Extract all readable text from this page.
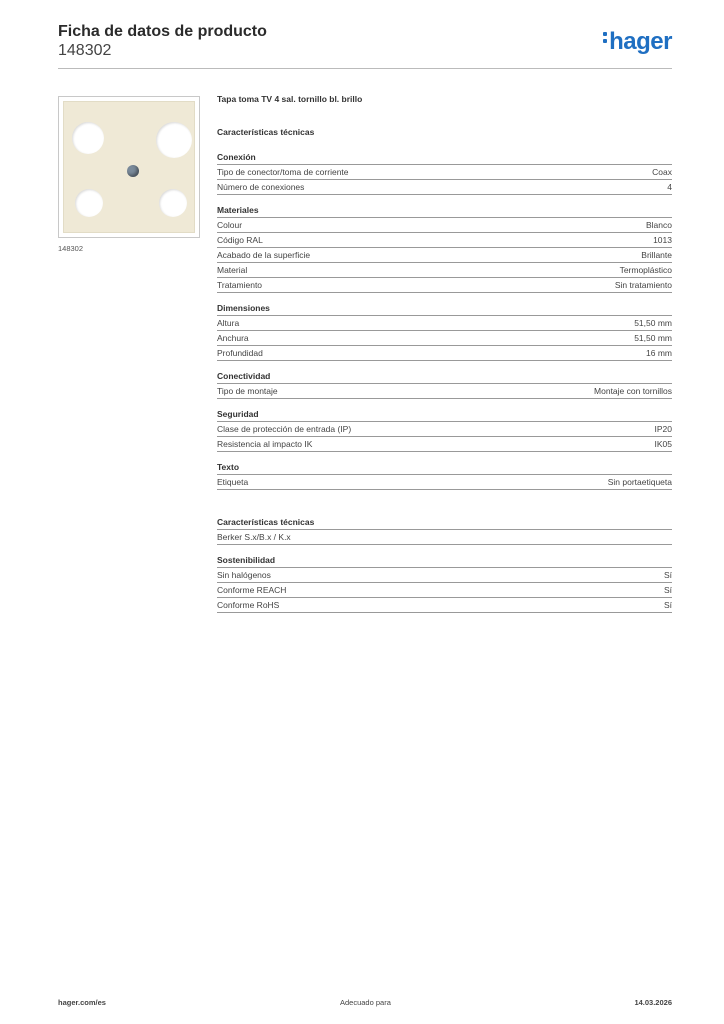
Ficha de datos de producto
148302	hager
148302
Tapa toma TV 4 sal. tornillo bl. brillo
Características técnicas
Conexión
Tipo de conector/toma de corriente	Coax
Número de conexiones	4
Materiales
Colour	Blanco
Código RAL	1013
Acabado de la superficie	Brillante
Material	Termoplástico
Tratamiento	Sin tratamiento
Dimensiones
Altura	51,50 mm
Anchura	51,50 mm
Profundidad	16 mm
Conectividad
Tipo de montaje	Montaje con tornillos
Seguridad
Clase de protección de entrada (IP)	IP20
Resistencia al impacto IK	IK05
Texto
Etiqueta	Sin portaetiqueta
Características técnicas
Berker S.x/B.x / K.x
Sostenibilidad
Sin halógenos	Sí
Conforme REACH	Sí
Conforme RoHS	Sí
hager.com/es	Adecuado para	14.03.2026
